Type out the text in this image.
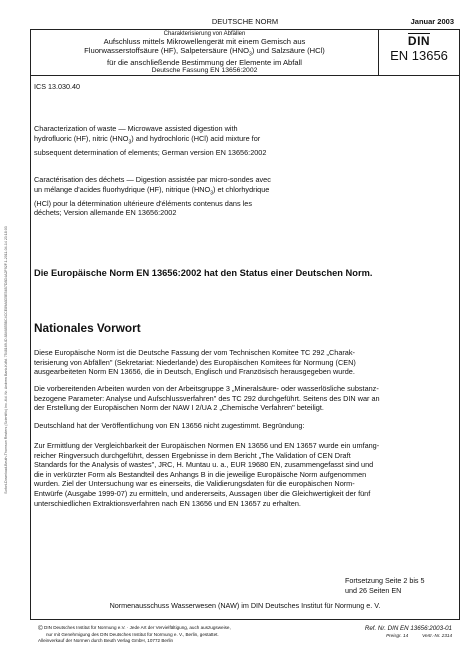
Sofort-Download-Beuth-Thomson Reuters (Scientific) Inc.-Kd. Nr. Andrew Bank-Kdfd. 7548169-ID.8846855BC4CCE89A6D5E54B7D8D4A2F92F.1-2011-04-14 23:18:03
DEUTSCHE NORM	Januar 2003
Charakterisierung von Abfällen
Aufschluss mittels Mikrowellengerät mit einem Gemisch aus
Fluorwasserstoffsäure (HF), Salpetersäure $(HNO_3)$ und Salzsäure (HCl)
für die anschließende Bestimmung der Elemente im Abfall
Deutsche Fassung EN 13656:2002
DIN
EN 13656
ICS 13.030.40
Characterization of waste — Microwave assisted digestion with
hydrofluoric (HF), nitric $(HNO_3)$ and hydrochloric (HCl) acid mixture for
subsequent determination of elements; German version EN 13656:2002
Caractérisation des déchets — Digestion assistée par micro-sondes avec
un mélange d'acides fluorhydrique (HF), nitrique $(HNO_3)$ et chlorhydrique
(HCl) pour la détermination ultérieure d'éléments contenus dans les
déchets; Version allemande EN 13656:2002
Die Europäische Norm EN 13656:2002 hat den Status einer Deutschen Norm.
Nationales Vorwort
Diese Europäische Norm ist die Deutsche Fassung der vom Technischen Komitee TC 292 „Charak-
terisierung von Abfällen" (Sekretariat: Niederlande) des Europäischen Komitees für Normung (CEN)
ausgearbeiteten Norm EN 13656, die in Deutsch, Englisch und Französisch herausgegeben wurde.
Die vorbereitenden Arbeiten wurden von der Arbeitsgruppe 3 „Mineralsäure- oder wasserlösliche substanz-
bezogene Parameter: Analyse und Aufschlussverfahren" des TC 292 durchgeführt. Seitens des DIN war an
der Erstellung der Europäischen Norm der NAW I 2/UA 2 „Chemische Verfahren" beteiligt.
Deutschland hat der Veröffentlichung von EN 13656 nicht zugestimmt. Begründung:
Zur Ermittlung der Vergleichbarkeit der Europäischen Normen EN 13656 und EN 13657 wurde ein umfang-
reicher Ringversuch durchgeführt, dessen Ergebnisse in dem Bericht „The Validation of CEN Draft
Standards for the Analysis of wastes", JRC, H. Muntau u. a., EUR 19680 EN, zusammengefasst sind und
die in verkürzter Form als Bestandteil des Anhangs B in die jeweilige Europäische Norm aufgenommen
wurden. Ziel der Untersuchung war es einerseits, die Validierungsdaten für die europäischen Norm-
Entwürfe (Ausgabe 1999-07) zu ermitteln, und andererseits, Aussagen über die Gleichwertigkeit der fünf
unterschiedlichen Extraktionsverfahren nach EN 13656 und EN 13657 zu erhalten.
Fortsetzung Seite 2 bis 5
und 26 Seiten EN
Normenausschuss Wasserwesen (NAW) im DIN Deutsches Institut für Normung e. V.
© DIN Deutsches Institut für Normung e.V. · Jede Art der Vervielfältigung, auch auszugsweise,
nur mit Genehmigung des DIN Deutsches Institut für Normung e. V., Berlin, gestattet.
Alleinverkauf der Normen durch Beuth Verlag GmbH, 10772 Berlin
Ref. Nr. DIN EN 13656:2003-01
Preisgr. 14	Vertr.-Nr. 2314
